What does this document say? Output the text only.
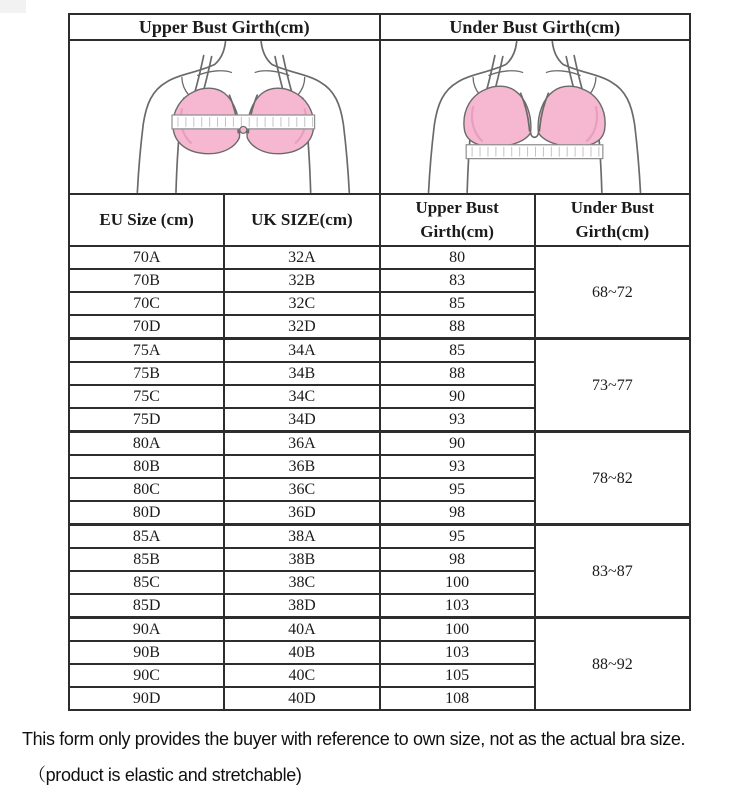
Upper Bust Girth(cm)		Under Bust Girth(cm)	

EU Size (cm)	UK SIZE(cm)	Upper Bust Girth(cm)	Under Bust Girth(cm)
70A	32A	80	68~72
70B	32B	83	
70C	32C	85	
70D	32D	88	
75A	34A	85	73~77
75B	34B	88	
75C	34C	90	
75D	34D	93	
80A	36A	90	78~82
80B	36B	93	
80C	36C	95	
80D	36D	98	
85A	38A	95	83~87
85B	38B	98	
85C	38C	100	
85D	38D	103	
90A	40A	100	88~92
90B	40B	103	
90C	40C	105	
90D	40D	108	
This form only provides the buyer with reference to own size, not as the actual bra size.
（product is elastic and stretchable)
